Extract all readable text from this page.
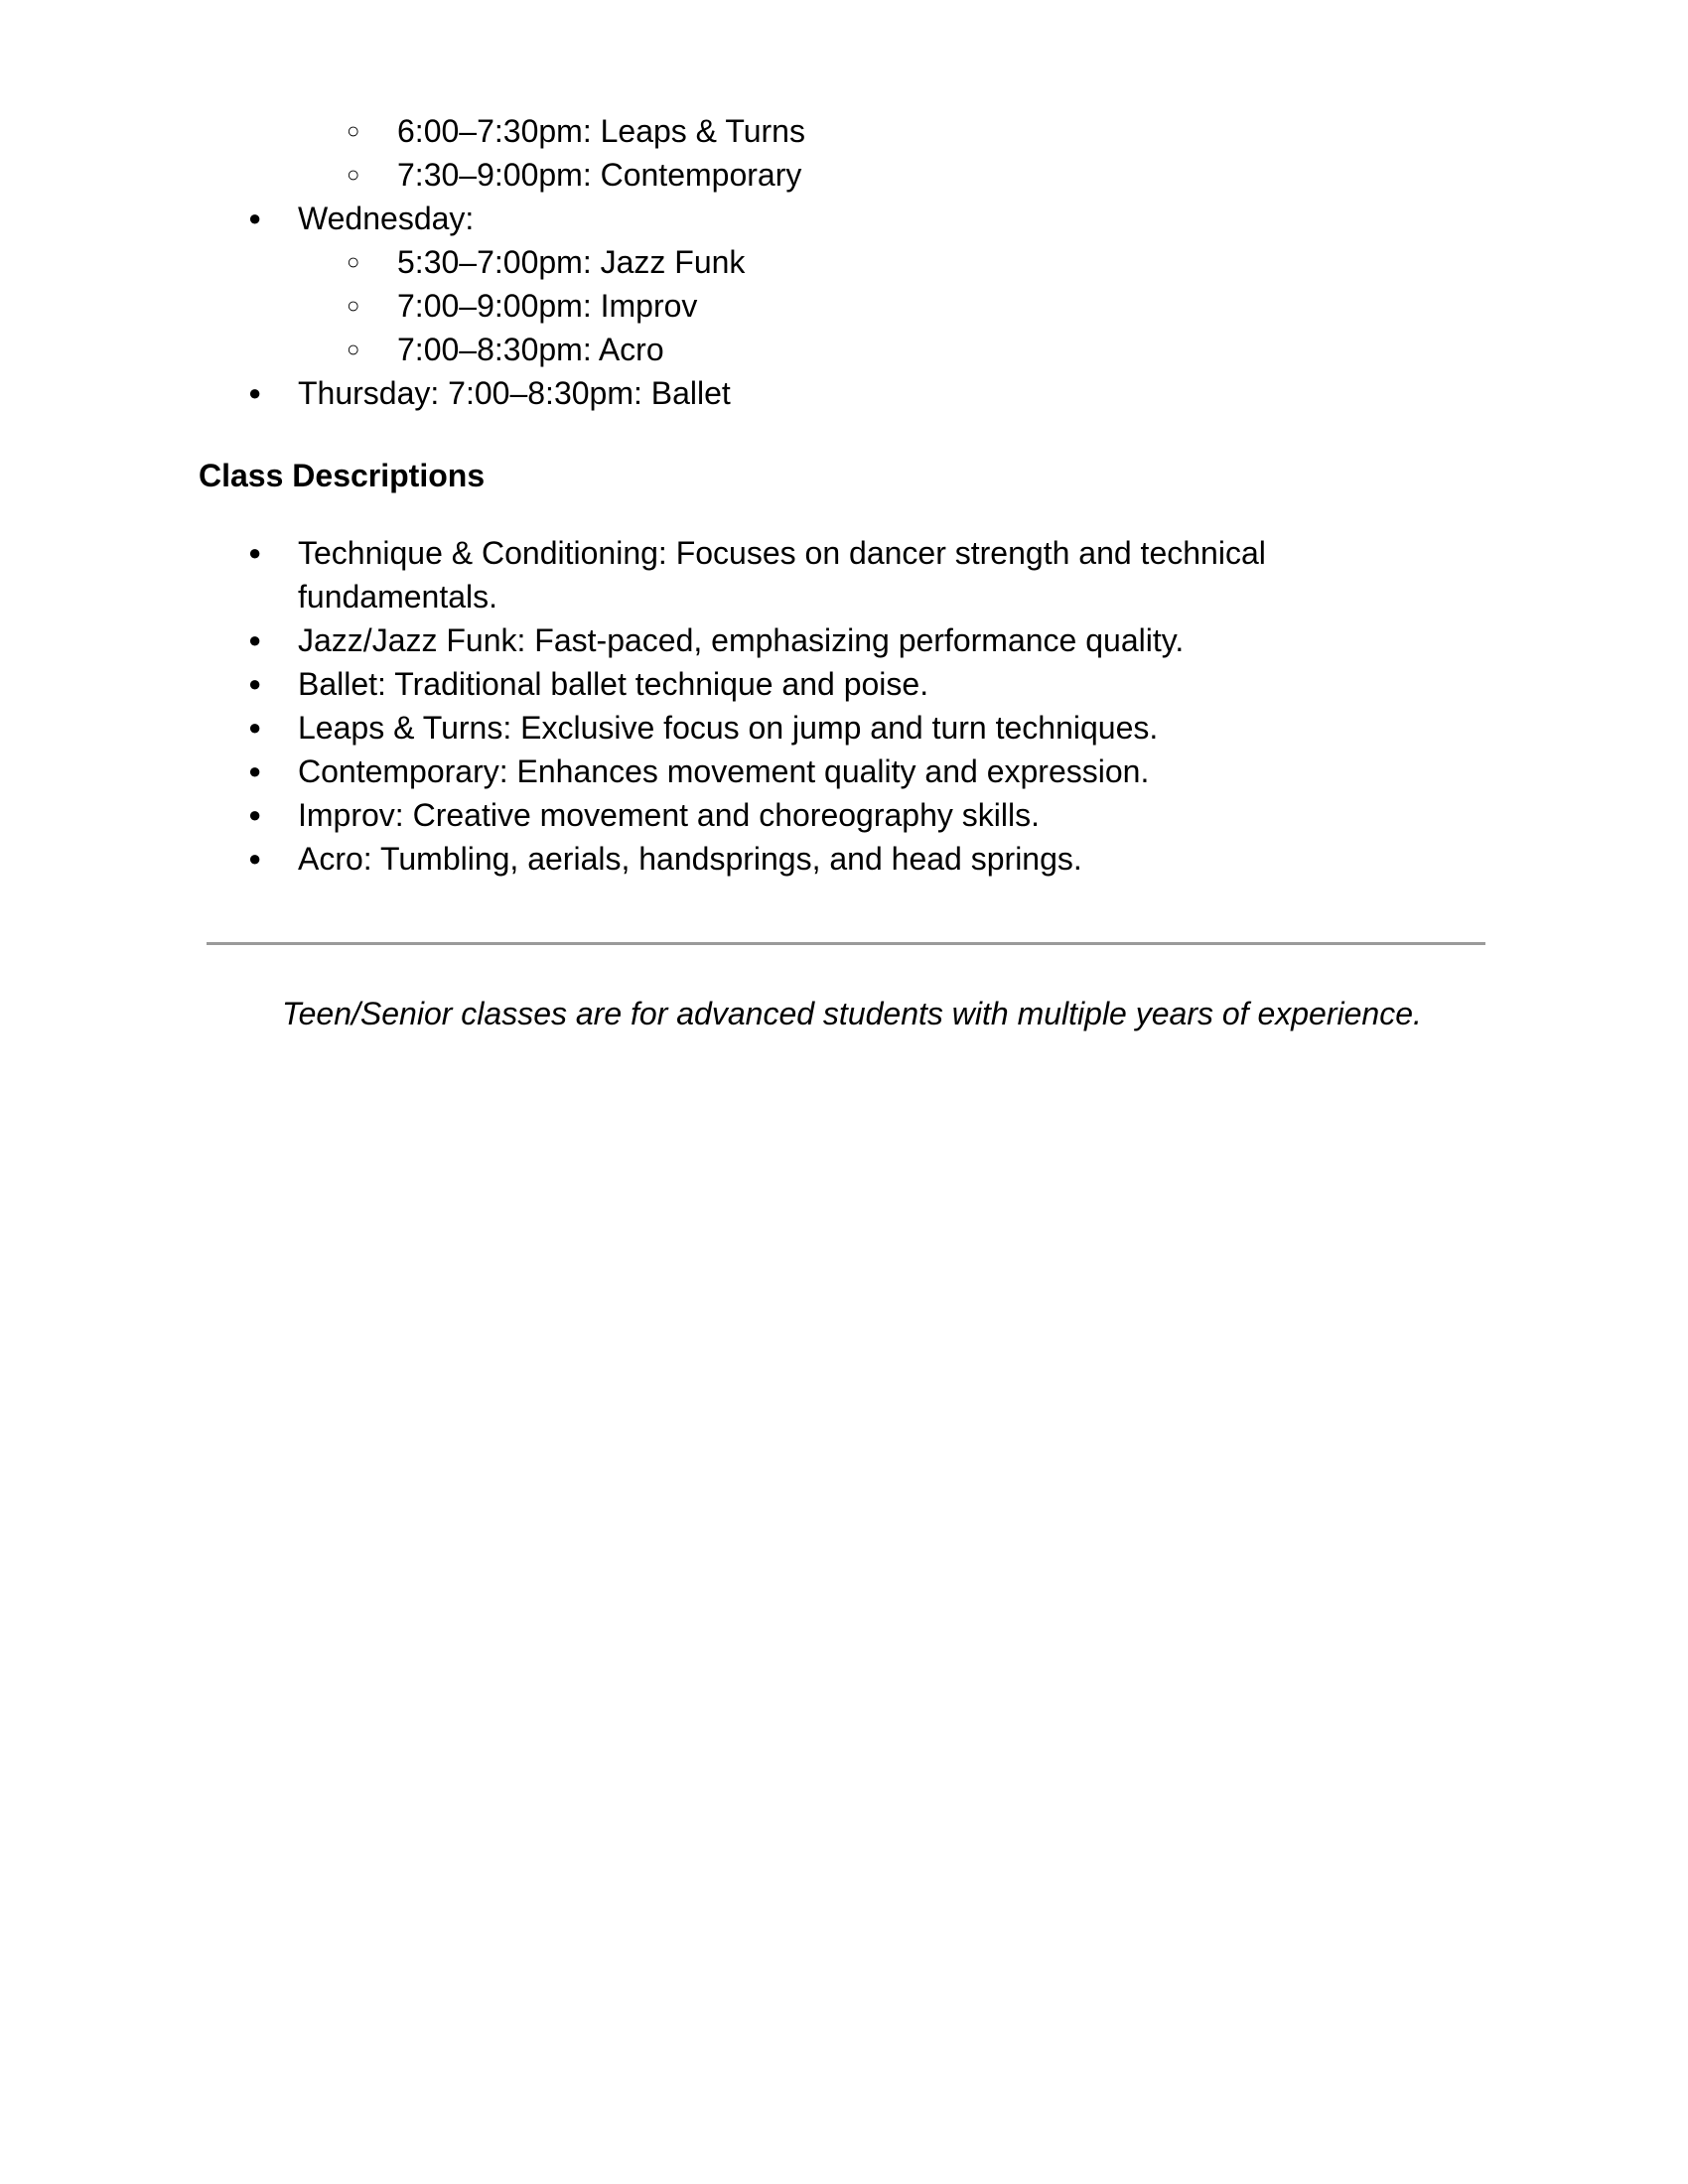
○
6:00–7:30pm: Leaps & Turns
○
7:30–9:00pm: Contemporary
●
Wednesday:
○
5:30–7:00pm: Jazz Funk
○
7:00–9:00pm: Improv
○
7:00–8:30pm: Acro
●
Thursday: 7:00–8:30pm: Ballet
Class Descriptions
●
Technique & Conditioning: Focuses on dancer strength and technical
fundamentals.
●
Jazz/Jazz Funk: Fast-paced, emphasizing performance quality.
●
Ballet: Traditional ballet technique and poise.
●
Leaps & Turns: Exclusive focus on jump and turn techniques.
●
Contemporary: Enhances movement quality and expression.
●
Improv: Creative movement and choreography skills.
●
Acro: Tumbling, aerials, handsprings, and head springs.
Teen/Senior classes are for advanced students with multiple years of experience.
